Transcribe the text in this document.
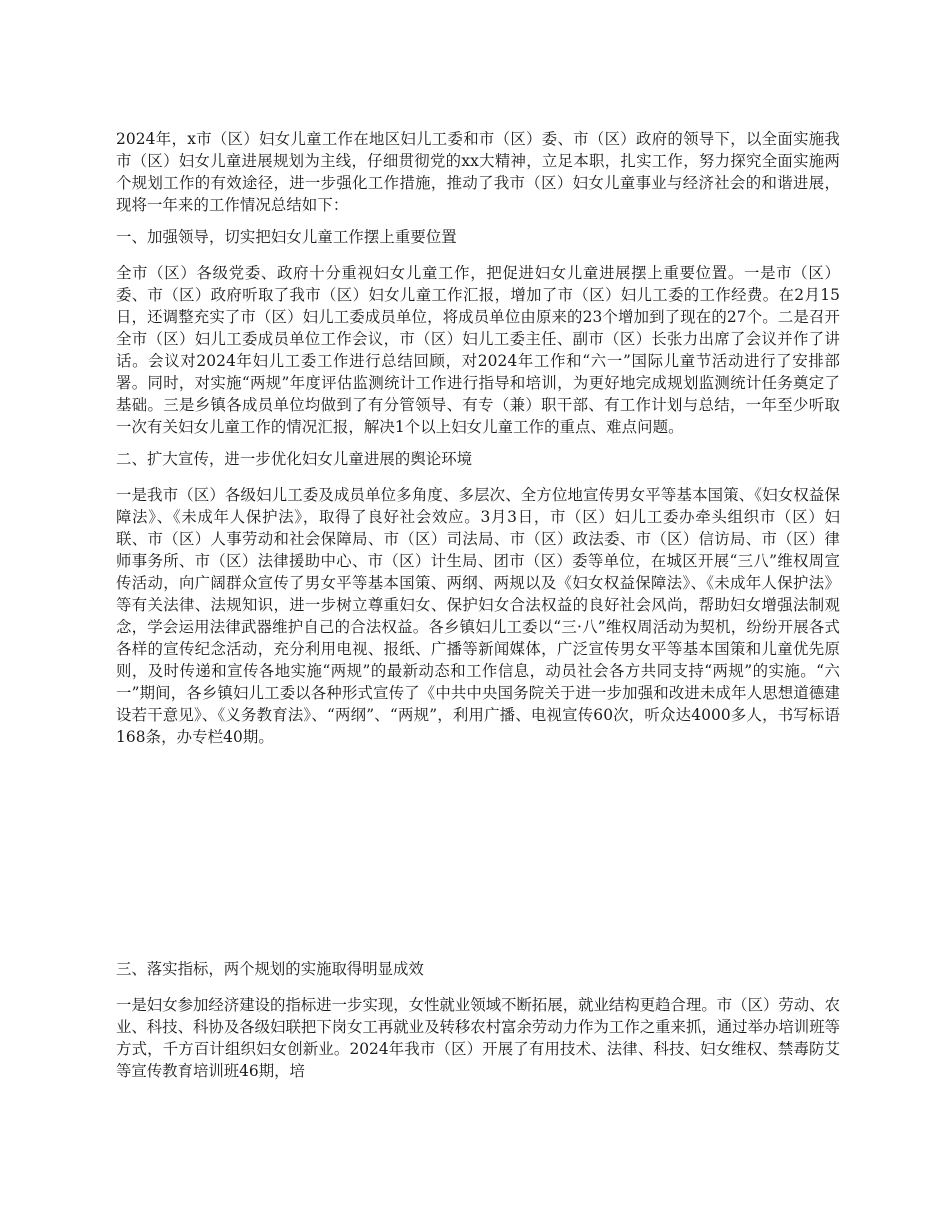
2024年，x市（区）妇女儿童工作在地区妇儿工委和市（区）委、市（区）政府的领导下，以全面实施我市（区）妇女儿童进展规划为主线，仔细贯彻党的xx大精神，立足本职，扎实工作，努力探究全面实施两个规划工作的有效途径，进一步强化工作措施，推动了我市（区）妇女儿童事业与经济社会的和谐进展，现将一年来的工作情况总结如下：

一、加强领导，切实把妇女儿童工作摆上重要位置

全市（区）各级党委、政府十分重视妇女儿童工作，把促进妇女儿童进展摆上重要位置。一是市（区）委、市（区）政府听取了我市（区）妇女儿童工作汇报，增加了市（区）妇儿工委的工作经费。在2月15日，还调整充实了市（区）妇儿工委成员单位，将成员单位由原来的23个增加到了现在的27个。二是召开全市（区）妇儿工委成员单位工作会议，市（区）妇儿工委主任、副市（区）长张力出席了会议并作了讲话。会议对2024年妇儿工委工作进行总结回顾，对2024年工作和“六一”国际儿童节活动进行了安排部署。同时，对实施“两规”年度评估监测统计工作进行指导和培训，为更好地完成规划监测统计任务奠定了基础。三是乡镇各成员单位均做到了有分管领导、有专（兼）职干部、有工作计划与总结，一年至少听取一次有关妇女儿童工作的情况汇报，解决1个以上妇女儿童工作的重点、难点问题。

二、扩大宣传，进一步优化妇女儿童进展的舆论环境

一是我市（区）各级妇儿工委及成员单位多角度、多层次、全方位地宣传男女平等基本国策、《妇女权益保障法》、《未成年人保护法》，取得了良好社会效应。3月3日，市（区）妇儿工委办牵头组织市（区）妇联、市（区）人事劳动和社会保障局、市（区）司法局、市（区）政法委、市（区）信访局、市（区）律师事务所、市（区）法律援助中心、市（区）计生局、团市（区）委等单位，在城区开展“三八”维权周宣传活动，向广阔群众宣传了男女平等基本国策、两纲、两规以及《妇女权益保障法》、《未成年人保护法》等有关法律、法规知识，进一步树立尊重妇女、保护妇女合法权益的良好社会风尚，帮助妇女增强法制观念，学会运用法律武器维护自己的合法权益。各乡镇妇儿工委以“三·八”维权周活动为契机，纷纷开展各式各样的宣传纪念活动，充分利用电视、报纸、广播等新闻媒体，广泛宣传男女平等基本国策和儿童优先原则，及时传递和宣传各地实施“两规”的最新动态和工作信息，动员社会各方共同支持“两规”的实施。“六一”期间，各乡镇妇儿工委以各种形式宣传了《中共中央国务院关于进一步加强和改进未成年人思想道德建设若干意见》、《义务教育法》、“两纲”、“两规”，利用广播、电视宣传60次，听众达4000多人，书写标语168条，办专栏40期。

三、落实指标，两个规划的实施取得明显成效

一是妇女参加经济建设的指标进一步实现，女性就业领域不断拓展，就业结构更趋合理。市（区）劳动、农业、科技、科协及各级妇联把下岗女工再就业及转移农村富余劳动力作为工作之重来抓，通过举办培训班等方式，千方百计组织妇女创新业。2024年我市（区）开展了有用技术、法律、科技、妇女维权、禁毒防艾等宣传教育培训班46期，培
